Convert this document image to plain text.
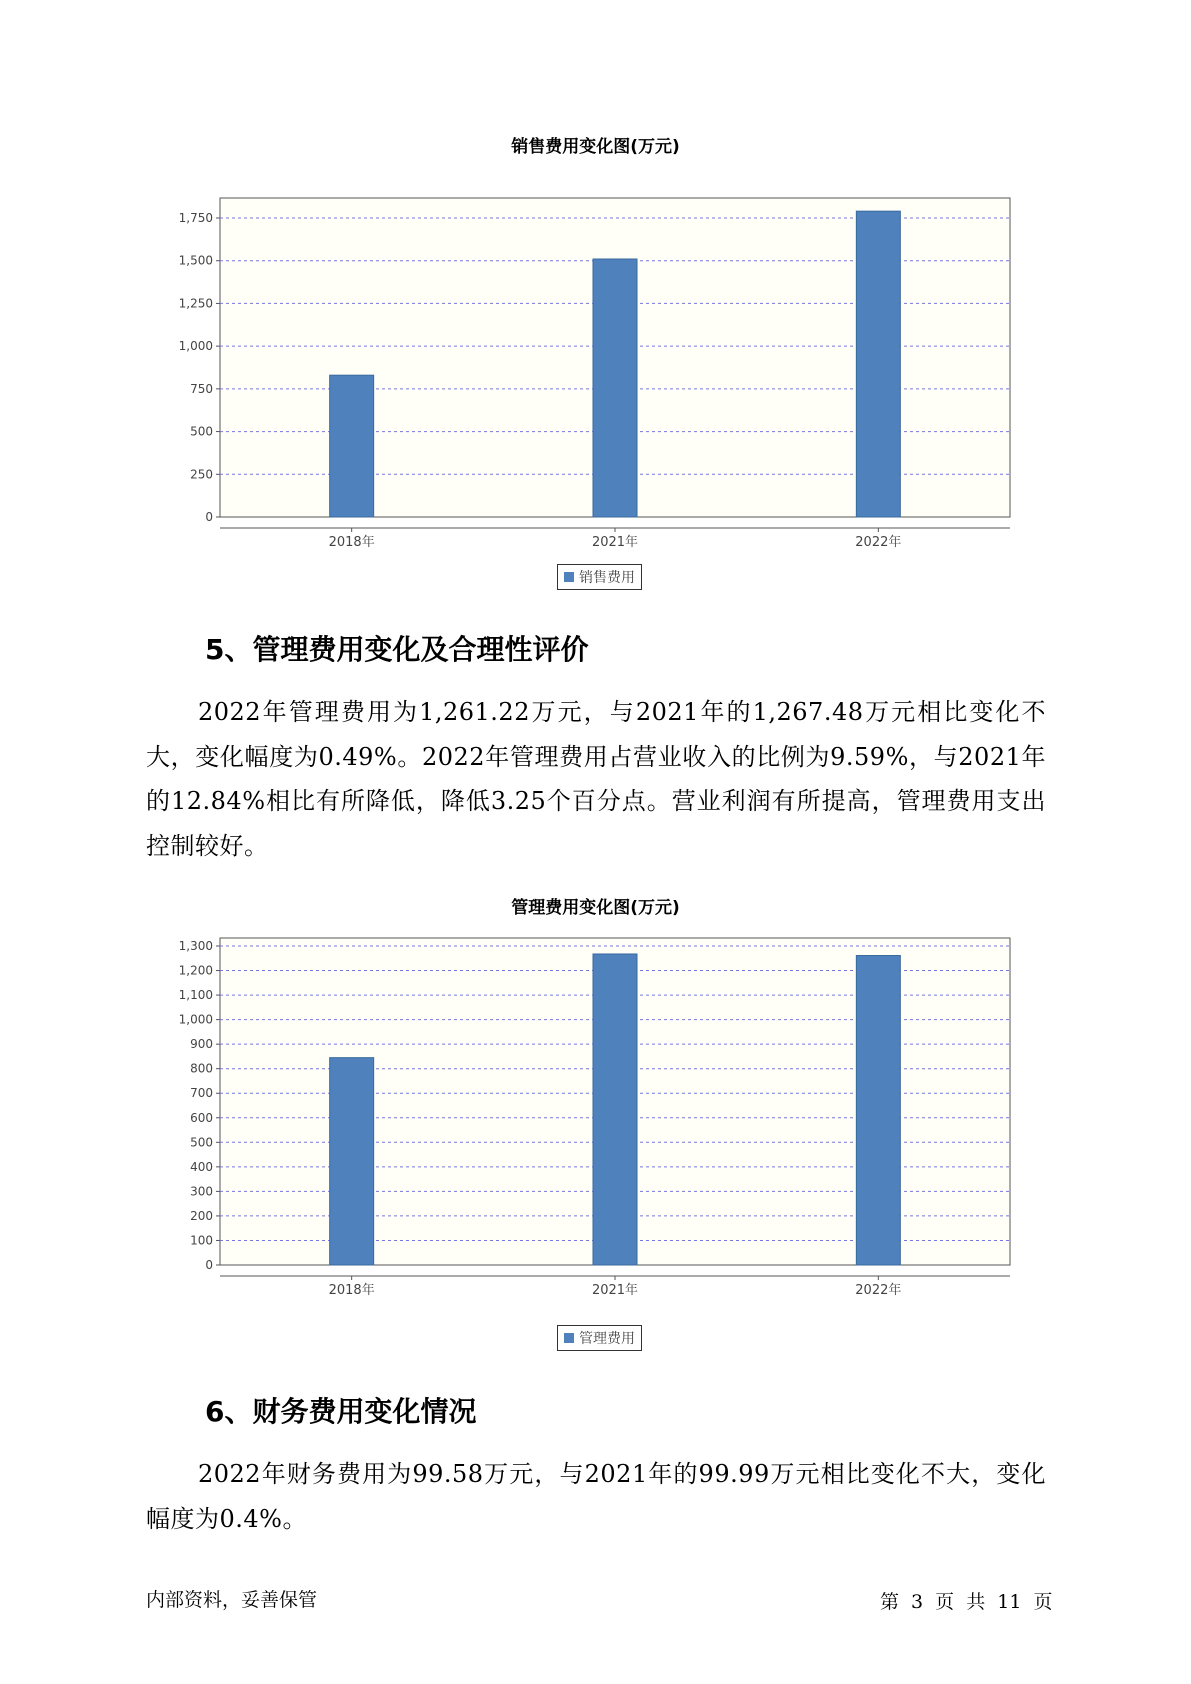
销售费用变化图(万元)
0
250
500
750
1,000
1,250
1,500
1,750
2018年	2021年	2022年
销售费用
5、管理费用变化及合理性评价
2022年管理费用为1,261.22万元，与2021年的1,267.48万元相比变化不大，变化幅度为0.49%。2022年管理费用占营业收入的比例为9.59%，与2021年的12.84%相比有所降低，降低3.25个百分点。营业利润有所提高，管理费用支出控制较好。
管理费用变化图(万元)
0
100
200
300
400
500
600
700
800
900
1,000
1,100
1,200
1,300
2018年	2021年	2022年
管理费用
6、财务费用变化情况
2022年财务费用为99.58万元，与2021年的99.99万元相比变化不大，变化幅度为0.4%。
内部资料，妥善保管	第 3 页 共 11 页
